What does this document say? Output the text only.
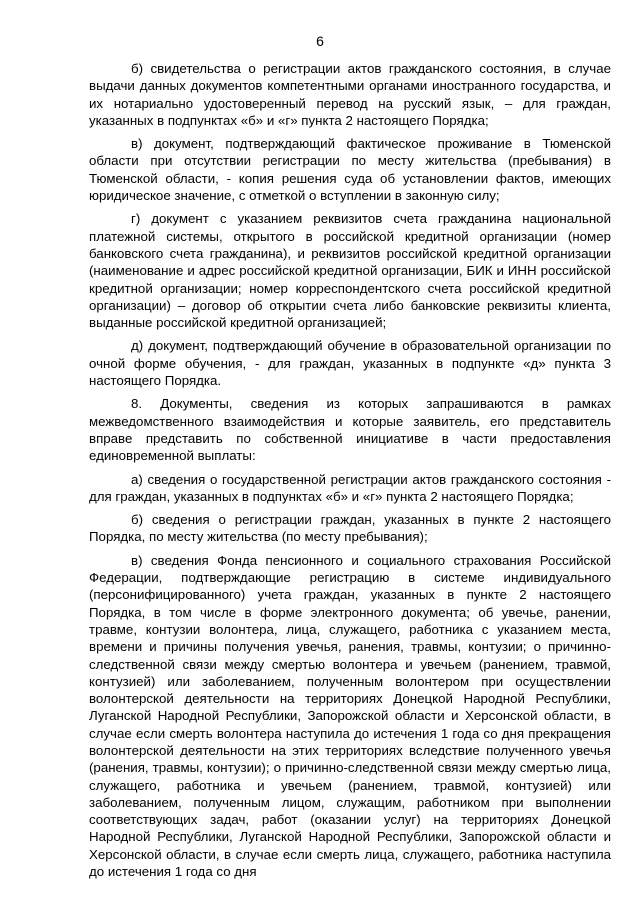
6

б) свидетельства о регистрации актов гражданского состояния, в случае выдачи данных документов компетентными органами иностранного государства, и их нотариально удостоверенный перевод на русский язык, – для граждан, указанных в подпунктах «б» и «г» пункта 2 настоящего Порядка;

в) документ, подтверждающий фактическое проживание в Тюменской области при отсутствии регистрации по месту жительства (пребывания) в Тюменской области, - копия решения суда об установлении фактов, имеющих юридическое значение, с отметкой о вступлении в законную силу;

г) документ с указанием реквизитов счета гражданина национальной платежной системы, открытого в российской кредитной организации (номер банковского счета гражданина), и реквизитов российской кредитной организации (наименование и адрес российской кредитной организации, БИК и ИНН российской кредитной организации; номер корреспондентского счета российской кредитной организации) – договор об открытии счета либо банковские реквизиты клиента, выданные российской кредитной организацией;

д) документ, подтверждающий обучение в образовательной организации по очной форме обучения, - для граждан, указанных в подпункте «д» пункта 3 настоящего Порядка.

8. Документы, сведения из которых запрашиваются в рамках межведомственного взаимодействия и которые заявитель, его представитель вправе представить по собственной инициативе в части предоставления единовременной выплаты:

а) сведения о государственной регистрации актов гражданского состояния - для граждан, указанных в подпунктах «б» и «г» пункта 2 настоящего Порядка;

б) сведения о регистрации граждан, указанных в пункте 2 настоящего Порядка, по месту жительства (по месту пребывания);

в) сведения Фонда пенсионного и социального страхования Российской Федерации, подтверждающие регистрацию в системе индивидуального (персонифицированного) учета граждан, указанных в пункте 2 настоящего Порядка, в том числе в форме электронного документа; об увечье, ранении, травме, контузии волонтера, лица, служащего, работника с указанием места, времени и причины получения увечья, ранения, травмы, контузии; о причинно-следственной связи между смертью волонтера и увечьем (ранением, травмой, контузией) или заболеванием, полученным волонтером при осуществлении волонтерской деятельности на территориях Донецкой Народной Республики, Луганской Народной Республики, Запорожской области и Херсонской области, в случае если смерть волонтера наступила до истечения 1 года со дня прекращения волонтерской деятельности на этих территориях вследствие полученного увечья (ранения, травмы, контузии); о причинно-следственной связи между смертью лица, служащего, работника и увечьем (ранением, травмой, контузией) или заболеванием, полученным лицом, служащим, работником при выполнении соответствующих задач, работ (оказании услуг) на территориях Донецкой Народной Республики, Луганской Народной Республики, Запорожской области и Херсонской области, в случае если смерть лица, служащего, работника наступила до истечения 1 года со дня
